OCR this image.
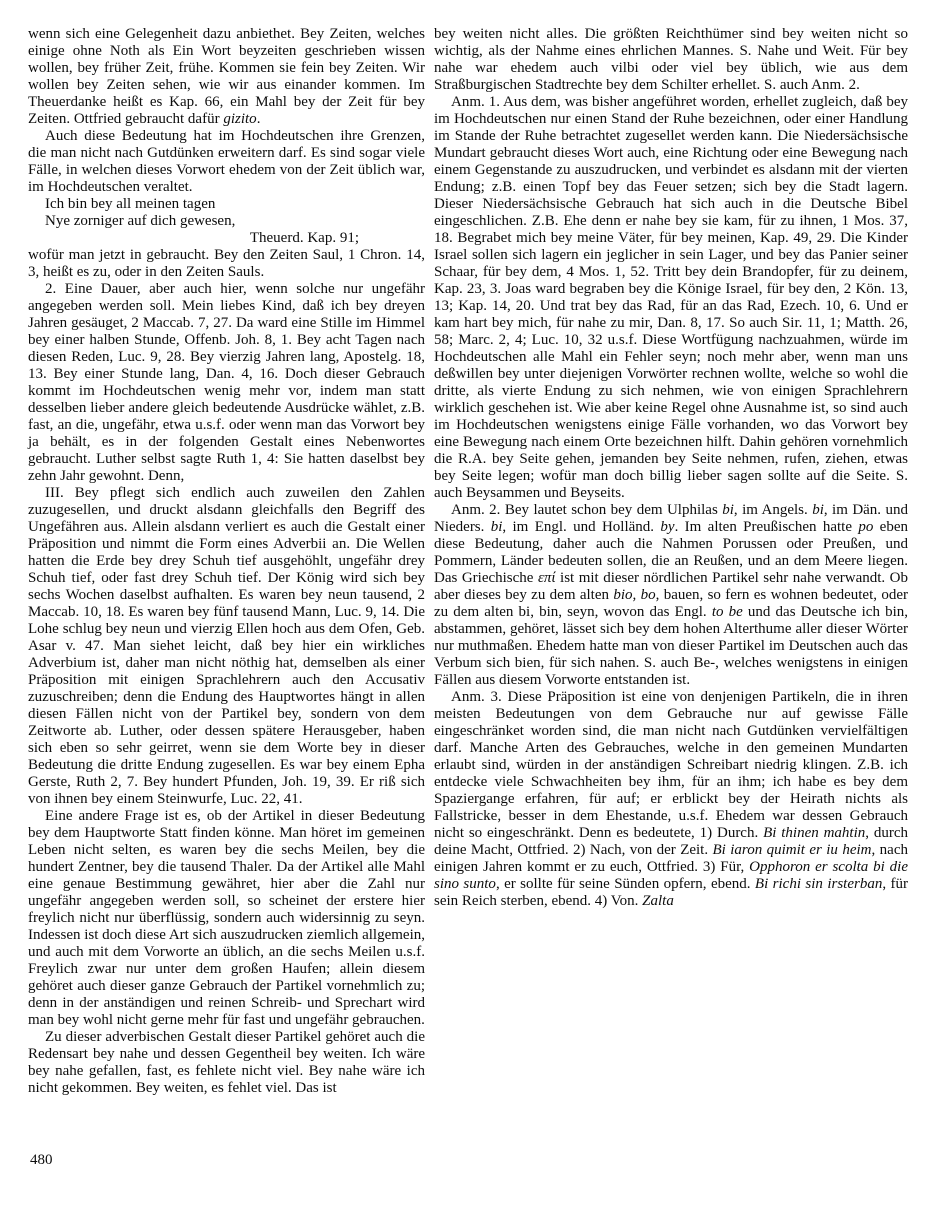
wenn sich eine Gelegenheit dazu anbiethet. Bey Zeiten, welches einige ohne Noth als Ein Wort beyzeiten geschrieben wissen wollen, bey früher Zeit, frühe. Kommen sie fein bey Zeiten. Wir wollen bey Zeiten sehen, wie wir aus einander kommen. Im Theuerdanke heißt es Kap. 66, ein Mahl bey der Zeit für bey Zeiten. Ottfried gebraucht dafür gizito.

Auch diese Bedeutung hat im Hochdeutschen ihre Grenzen, die man nicht nach Gutdünken erweitern darf. Es sind sogar viele Fälle, in welchen dieses Vorwort ehedem von der Zeit üblich war, im Hochdeutschen veraltet.

Ich bin bey all meinen tagen

Nye zorniger auf dich gewesen,

Theuerd. Kap. 91;

wofür man jetzt in gebraucht. Bey den Zeiten Saul, 1 Chron. 14, 3, heißt es zu, oder in den Zeiten Sauls.

2. Eine Dauer, aber auch hier, wenn solche nur ungefähr angegeben werden soll. Mein liebes Kind, daß ich bey dreyen Jahren gesäuget, 2 Maccab. 7, 27. Da ward eine Stille im Himmel bey einer halben Stunde, Offenb. Joh. 8, 1. Bey acht Tagen nach diesen Reden, Luc. 9, 28. Bey vierzig Jahren lang, Apostelg. 18, 13. Bey einer Stunde lang, Dan. 4, 16. Doch dieser Gebrauch kommt im Hochdeutschen wenig mehr vor, indem man statt desselben lieber andere gleich bedeutende Ausdrücke wählet, z.B. fast, an die, ungefähr, etwa u.s.f. oder wenn man das Vorwort bey ja behält, es in der folgenden Gestalt eines Nebenwortes gebraucht. Luther selbst sagte Ruth 1, 4: Sie hatten daselbst bey zehn Jahr gewohnt. Denn,

III. Bey pflegt sich endlich auch zuweilen den Zahlen zuzugesellen, und druckt alsdann gleichfalls den Begriff des Ungefähren aus. Allein alsdann verliert es auch die Gestalt einer Präposition und nimmt die Form eines Adverbii an. Die Wellen hatten die Erde bey drey Schuh tief ausgehöhlt, ungefähr drey Schuh tief, oder fast drey Schuh tief. Der König wird sich bey sechs Wochen daselbst aufhalten. Es waren bey neun tausend, 2 Maccab. 10, 18. Es waren bey fünf tausend Mann, Luc. 9, 14. Die Lohe schlug bey neun und vierzig Ellen hoch aus dem Ofen, Geb. Asar v. 47. Man siehet leicht, daß bey hier ein wirkliches Adverbium ist, daher man nicht nöthig hat, demselben als einer Präposition mit einigen Sprachlehrern auch den Accusativ zuzuschreiben; denn die Endung des Hauptwortes hängt in allen diesen Fällen nicht von der Partikel bey, sondern von dem Zeitworte ab. Luther, oder dessen spätere Herausgeber, haben sich eben so sehr geirret, wenn sie dem Worte bey in dieser Bedeutung die dritte Endung zugesellen. Es war bey einem Epha Gerste, Ruth 2, 7. Bey hundert Pfunden, Joh. 19, 39. Er riß sich von ihnen bey einem Steinwurfe, Luc. 22, 41.

Eine andere Frage ist es, ob der Artikel in dieser Bedeutung bey dem Hauptworte Statt finden könne. Man höret im gemeinen Leben nicht selten, es waren bey die sechs Meilen, bey die hundert Zentner, bey die tausend Thaler. Da der Artikel alle Mahl eine genaue Bestimmung gewähret, hier aber die Zahl nur ungefähr angegeben werden soll, so scheinet der erstere hier freylich nicht nur überflüssig, sondern auch widersinnig zu seyn. Indessen ist doch diese Art sich auszudrucken ziemlich allgemein, und auch mit dem Vorworte an üblich, an die sechs Meilen u.s.f. Freylich zwar nur unter dem großen Haufen; allein diesem gehöret auch dieser ganze Gebrauch der Partikel vornehmlich zu; denn in der anständigen und reinen Schreib- und Sprechart wird man bey wohl nicht gerne mehr für fast und ungefähr gebrauchen.

Zu dieser adverbischen Gestalt dieser Partikel gehöret auch die Redensart bey nahe und dessen Gegentheil bey weiten. Ich wäre bey nahe gefallen, fast, es fehlete nicht viel. Bey nahe wäre ich nicht gekommen. Bey weiten, es fehlet viel. Das ist

bey weiten nicht alles. Die größten Reichthümer sind bey weiten nicht so wichtig, als der Nahme eines ehrlichen Mannes. S. Nahe und Weit. Für bey nahe war ehedem auch vilbi oder viel bey üblich, wie aus dem Straßburgischen Stadtrechte bey dem Schilter erhellet. S. auch Anm. 2.

Anm. 1. Aus dem, was bisher angeführet worden, erhellet zugleich, daß bey im Hochdeutschen nur einen Stand der Ruhe bezeichnen, oder einer Handlung im Stande der Ruhe betrachtet zugesellet werden kann. Die Niedersächsische Mundart gebraucht dieses Wort auch, eine Richtung oder eine Bewegung nach einem Gegenstande zu auszudrucken, und verbindet es alsdann mit der vierten Endung; z.B. einen Topf bey das Feuer setzen; sich bey die Stadt lagern. Dieser Niedersächsische Gebrauch hat sich auch in die Deutsche Bibel eingeschlichen. Z.B. Ehe denn er nahe bey sie kam, für zu ihnen, 1 Mos. 37, 18. Begrabet mich bey meine Väter, für bey meinen, Kap. 49, 29. Die Kinder Israel sollen sich lagern ein jeglicher in sein Lager, und bey das Panier seiner Schaar, für bey dem, 4 Mos. 1, 52. Tritt bey dein Brandopfer, für zu deinem, Kap. 23, 3. Joas ward begraben bey die Könige Israel, für bey den, 2 Kön. 13, 13; Kap. 14, 20. Und trat bey das Rad, für an das Rad, Ezech. 10, 6. Und er kam hart bey mich, für nahe zu mir, Dan. 8, 17. So auch Sir. 11, 1; Matth. 26, 58; Marc. 2, 4; Luc. 10, 32 u.s.f. Diese Wortfügung nachzuahmen, würde im Hochdeutschen alle Mahl ein Fehler seyn; noch mehr aber, wenn man uns deßwillen bey unter diejenigen Vorwörter rechnen wollte, welche so wohl die dritte, als vierte Endung zu sich nehmen, wie von einigen Sprachlehrern wirklich geschehen ist. Wie aber keine Regel ohne Ausnahme ist, so sind auch im Hochdeutschen wenigstens einige Fälle vorhanden, wo das Vorwort bey eine Bewegung nach einem Orte bezeichnen hilft. Dahin gehören vornehmlich die R.A. bey Seite gehen, jemanden bey Seite nehmen, rufen, ziehen, etwas bey Seite legen; wofür man doch billig lieber sagen sollte auf die Seite. S. auch Beysammen und Beyseits.

Anm. 2. Bey lautet schon bey dem Ulphilas bi, im Angels. bi, im Dän. und Nieders. bi, im Engl. und Holländ. by. Im alten Preußischen hatte po eben diese Bedeutung, daher auch die Nahmen Porussen oder Preußen, und Pommern, Länder bedeuten sollen, die an Reußen, und an dem Meere liegen. Das Griechische επί ist mit dieser nördlichen Partikel sehr nahe verwandt. Ob aber dieses bey zu dem alten bio, bo, bauen, so fern es wohnen bedeutet, oder zu dem alten bi, bin, seyn, wovon das Engl. to be und das Deutsche ich bin, abstammen, gehöret, lässet sich bey dem hohen Alterthume aller dieser Wörter nur muthmaßen. Ehedem hatte man von dieser Partikel im Deutschen auch das Verbum sich bien, für sich nahen. S. auch Be-, welches wenigstens in einigen Fällen aus diesem Vorworte entstanden ist.

Anm. 3. Diese Präposition ist eine von denjenigen Partikeln, die in ihren meisten Bedeutungen von dem Gebrauche nur auf gewisse Fälle eingeschränket worden sind, die man nicht nach Gutdünken vervielfältigen darf. Manche Arten des Gebrauches, welche in den gemeinen Mundarten erlaubt sind, würden in der anständigen Schreibart niedrig klingen. Z.B. ich entdecke viele Schwachheiten bey ihm, für an ihm; ich habe es bey dem Spaziergange erfahren, für auf; er erblickt bey der Heirath nichts als Fallstricke, besser in dem Ehestande, u.s.f. Ehedem war dessen Gebrauch nicht so eingeschränkt. Denn es bedeutete, 1) Durch. Bi thinen mahtin, durch deine Macht, Ottfried. 2) Nach, von der Zeit. Bi iaron quimit er iu heim, nach einigen Jahren kommt er zu euch, Ottfried. 3) Für, Opphoron er scolta bi die sino sunto, er sollte für seine Sünden opfern, ebend. Bi richi sin irsterban, für sein Reich sterben, ebend. 4) Von. Zalta

480
